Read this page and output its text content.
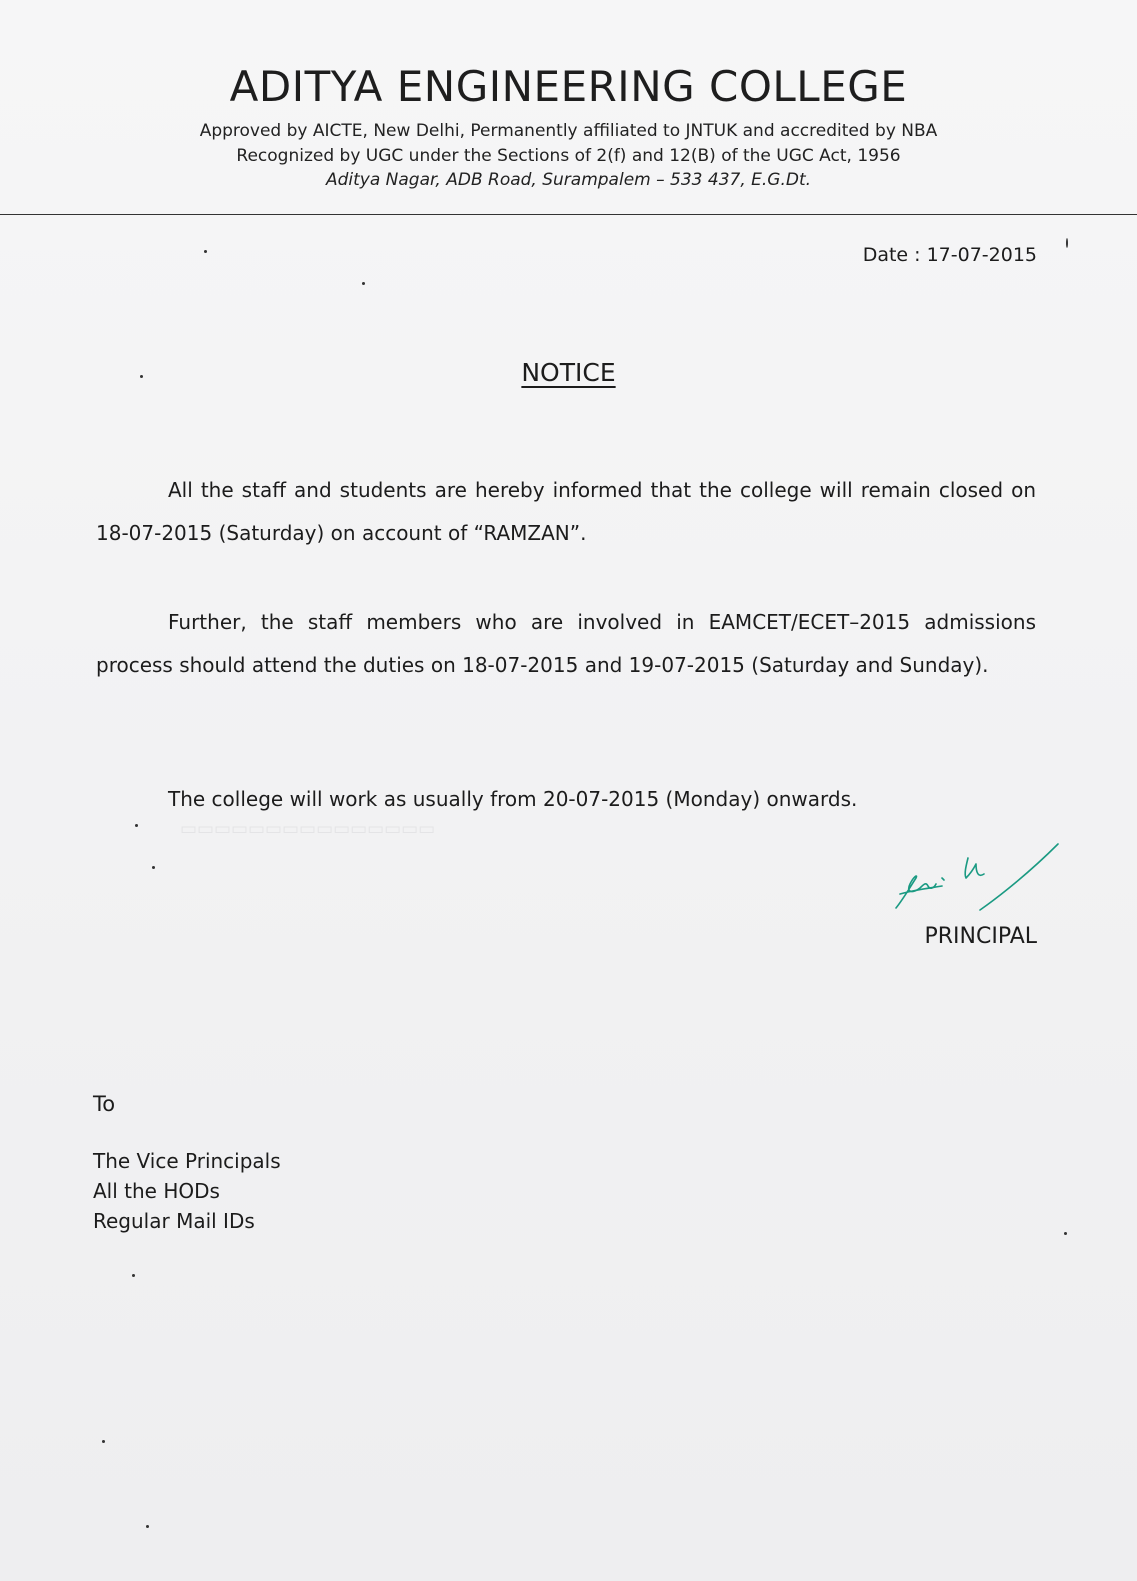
▭▭▭▭▭▭▭▭▭▭▭▭▭▭▭
ADITYA ENGINEERING COLLEGE
Approved by AICTE, New Delhi, Permanently affiliated to JNTUK and accredited by NBA
Recognized by UGC under the Sections of 2(f) and 12(B) of the UGC Act, 1956
Aditya Nagar, ADB Road, Surampalem – 533 437, E.G.Dt.
Date : 17-07-2015
NOTICE
All the staff and students are hereby informed that the college will remain closed on 18-07-2015 (Saturday) on account of “RAMZAN”.
Further, the staff members who are involved in EAMCET/ECET–2015 admissions process should attend the duties on 18-07-2015 and 19-07-2015 (Saturday and Sunday).
The college will work as usually from 20-07-2015 (Monday) onwards.
PRINCIPAL
To
The Vice Principals
All the HODs
Regular Mail IDs
